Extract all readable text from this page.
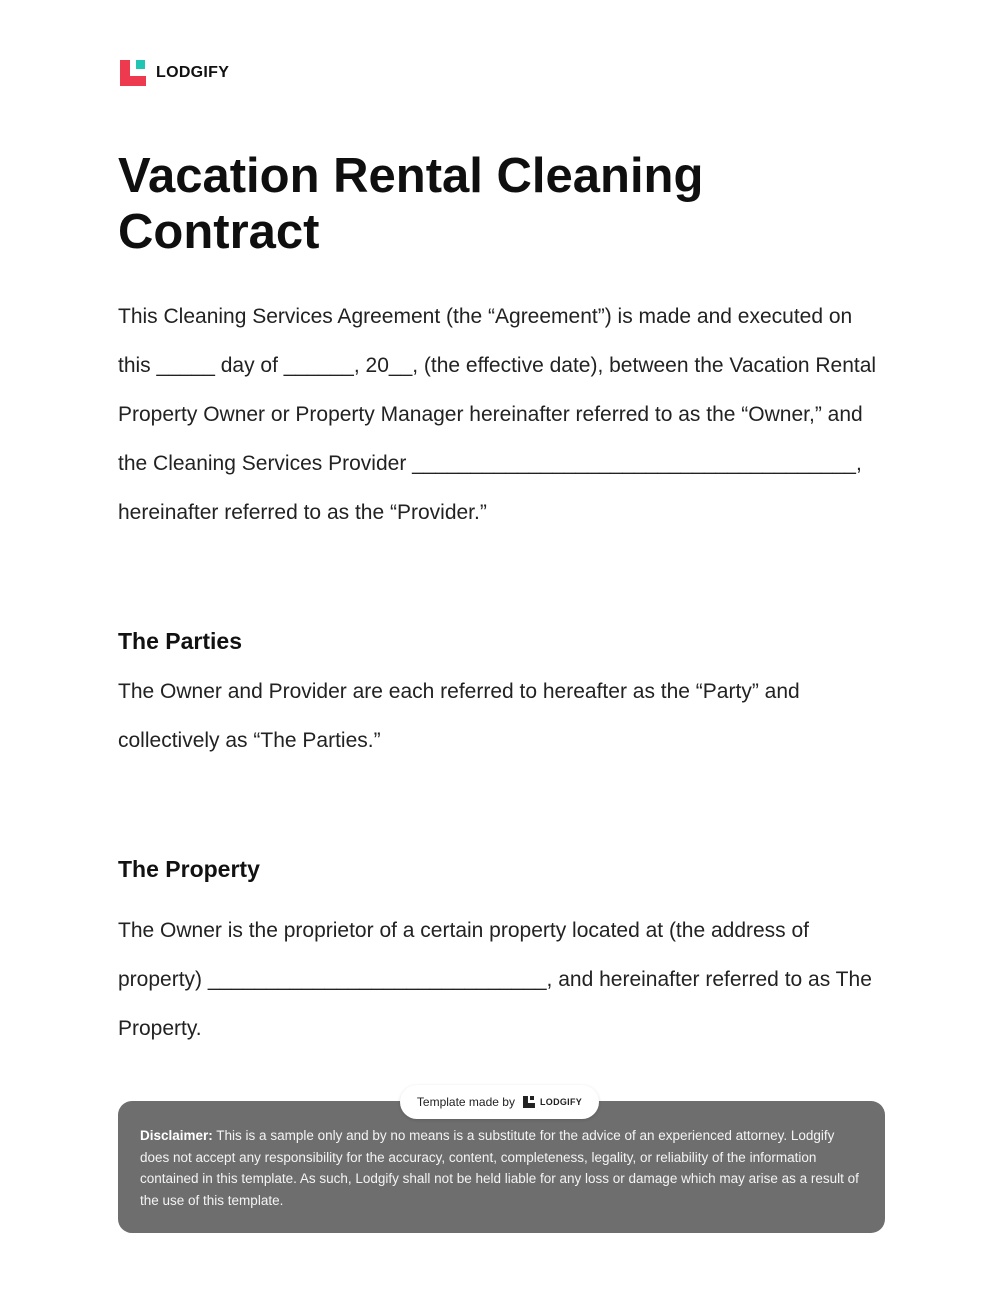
LODGIFY
Vacation Rental Cleaning
Contract

This Cleaning Services Agreement (the “Agreement”) is made and executed on
this _____ day of ______, 20__, (the effective date), between the Vacation Rental
Property Owner or Property Manager hereinafter referred to as the “Owner,” and
the Cleaning Services Provider ______________________________________,
hereinafter referred to as the “Provider.”

The Parties

The Owner and Provider are each referred to hereafter as the “Party” and
collectively as “The Parties.”

The Property

The Owner is the proprietor of a certain property located at (the address of
property) _____________________________, and hereinafter referred to as The
Property.

Disclaimer: This is a sample only and by no means is a substitute for the advice of an experienced attorney. Lodgify does not accept any responsibility for the accuracy, content, completeness, legality, or reliability of the information contained in this template. As such, Lodgify shall not be held liable for any loss or damage which may arise as a result of the use of this template.

Template made by	LODGIFY
